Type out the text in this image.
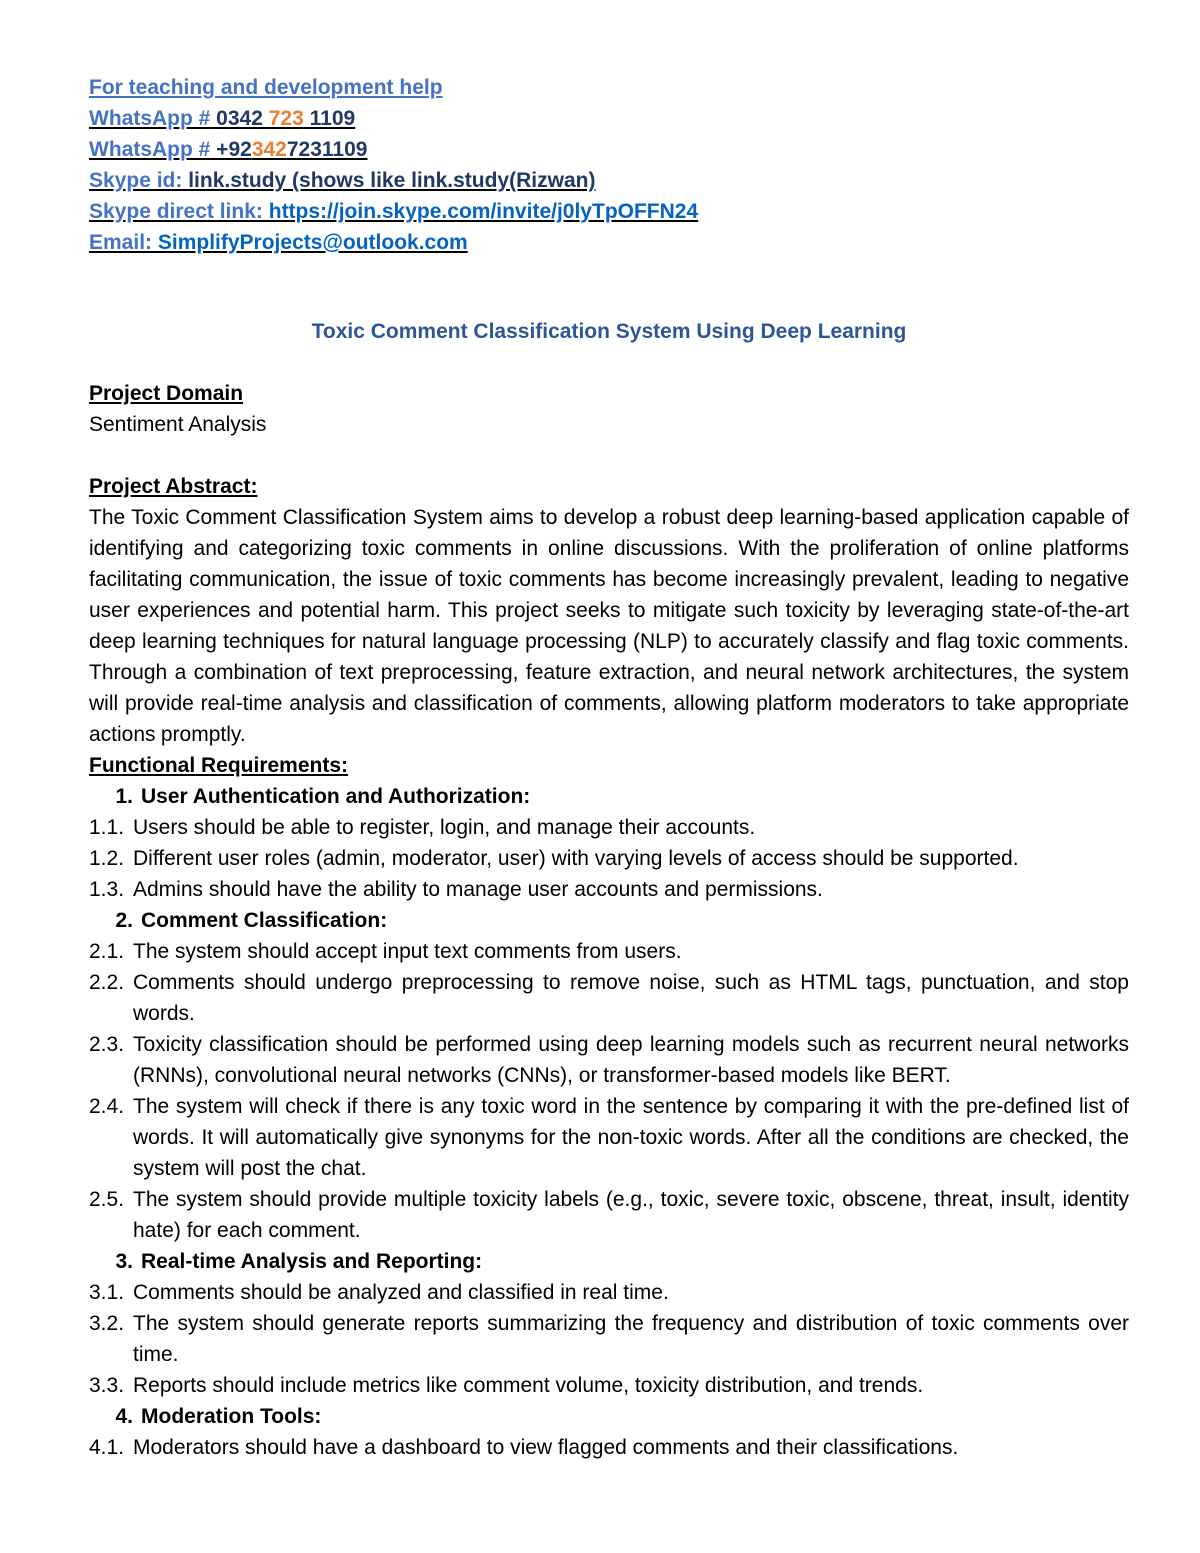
For teaching and development help
WhatsApp # 0342 723 1109
WhatsApp # +923427231109
Skype id: link.study (shows like link.study(Rizwan)
Skype direct link: https://join.skype.com/invite/j0lyTpOFFN24
Email: SimplifyProjects@outlook.com
Toxic Comment Classification System Using Deep Learning
Project Domain
Sentiment Analysis
Project Abstract:
The Toxic Comment Classification System aims to develop a robust deep learning-based application capable of identifying and categorizing toxic comments in online discussions. With the proliferation of online platforms facilitating communication, the issue of toxic comments has become increasingly prevalent, leading to negative user experiences and potential harm. This project seeks to mitigate such toxicity by leveraging state-of-the-art deep learning techniques for natural language processing (NLP) to accurately classify and flag toxic comments. Through a combination of text preprocessing, feature extraction, and neural network architectures, the system will provide real-time analysis and classification of comments, allowing platform moderators to take appropriate actions promptly.
Functional Requirements:
1. User Authentication and Authorization:
1.1. Users should be able to register, login, and manage their accounts.
1.2. Different user roles (admin, moderator, user) with varying levels of access should be supported.
1.3. Admins should have the ability to manage user accounts and permissions.
2. Comment Classification:
2.1. The system should accept input text comments from users.
2.2. Comments should undergo preprocessing to remove noise, such as HTML tags, punctuation, and stop words.
2.3. Toxicity classification should be performed using deep learning models such as recurrent neural networks (RNNs), convolutional neural networks (CNNs), or transformer-based models like BERT.
2.4. The system will check if there is any toxic word in the sentence by comparing it with the pre-defined list of words. It will automatically give synonyms for the non-toxic words. After all the conditions are checked, the system will post the chat.
2.5. The system should provide multiple toxicity labels (e.g., toxic, severe toxic, obscene, threat, insult, identity hate) for each comment.
3. Real-time Analysis and Reporting:
3.1. Comments should be analyzed and classified in real time.
3.2. The system should generate reports summarizing the frequency and distribution of toxic comments over time.
3.3. Reports should include metrics like comment volume, toxicity distribution, and trends.
4. Moderation Tools:
4.1. Moderators should have a dashboard to view flagged comments and their classifications.
